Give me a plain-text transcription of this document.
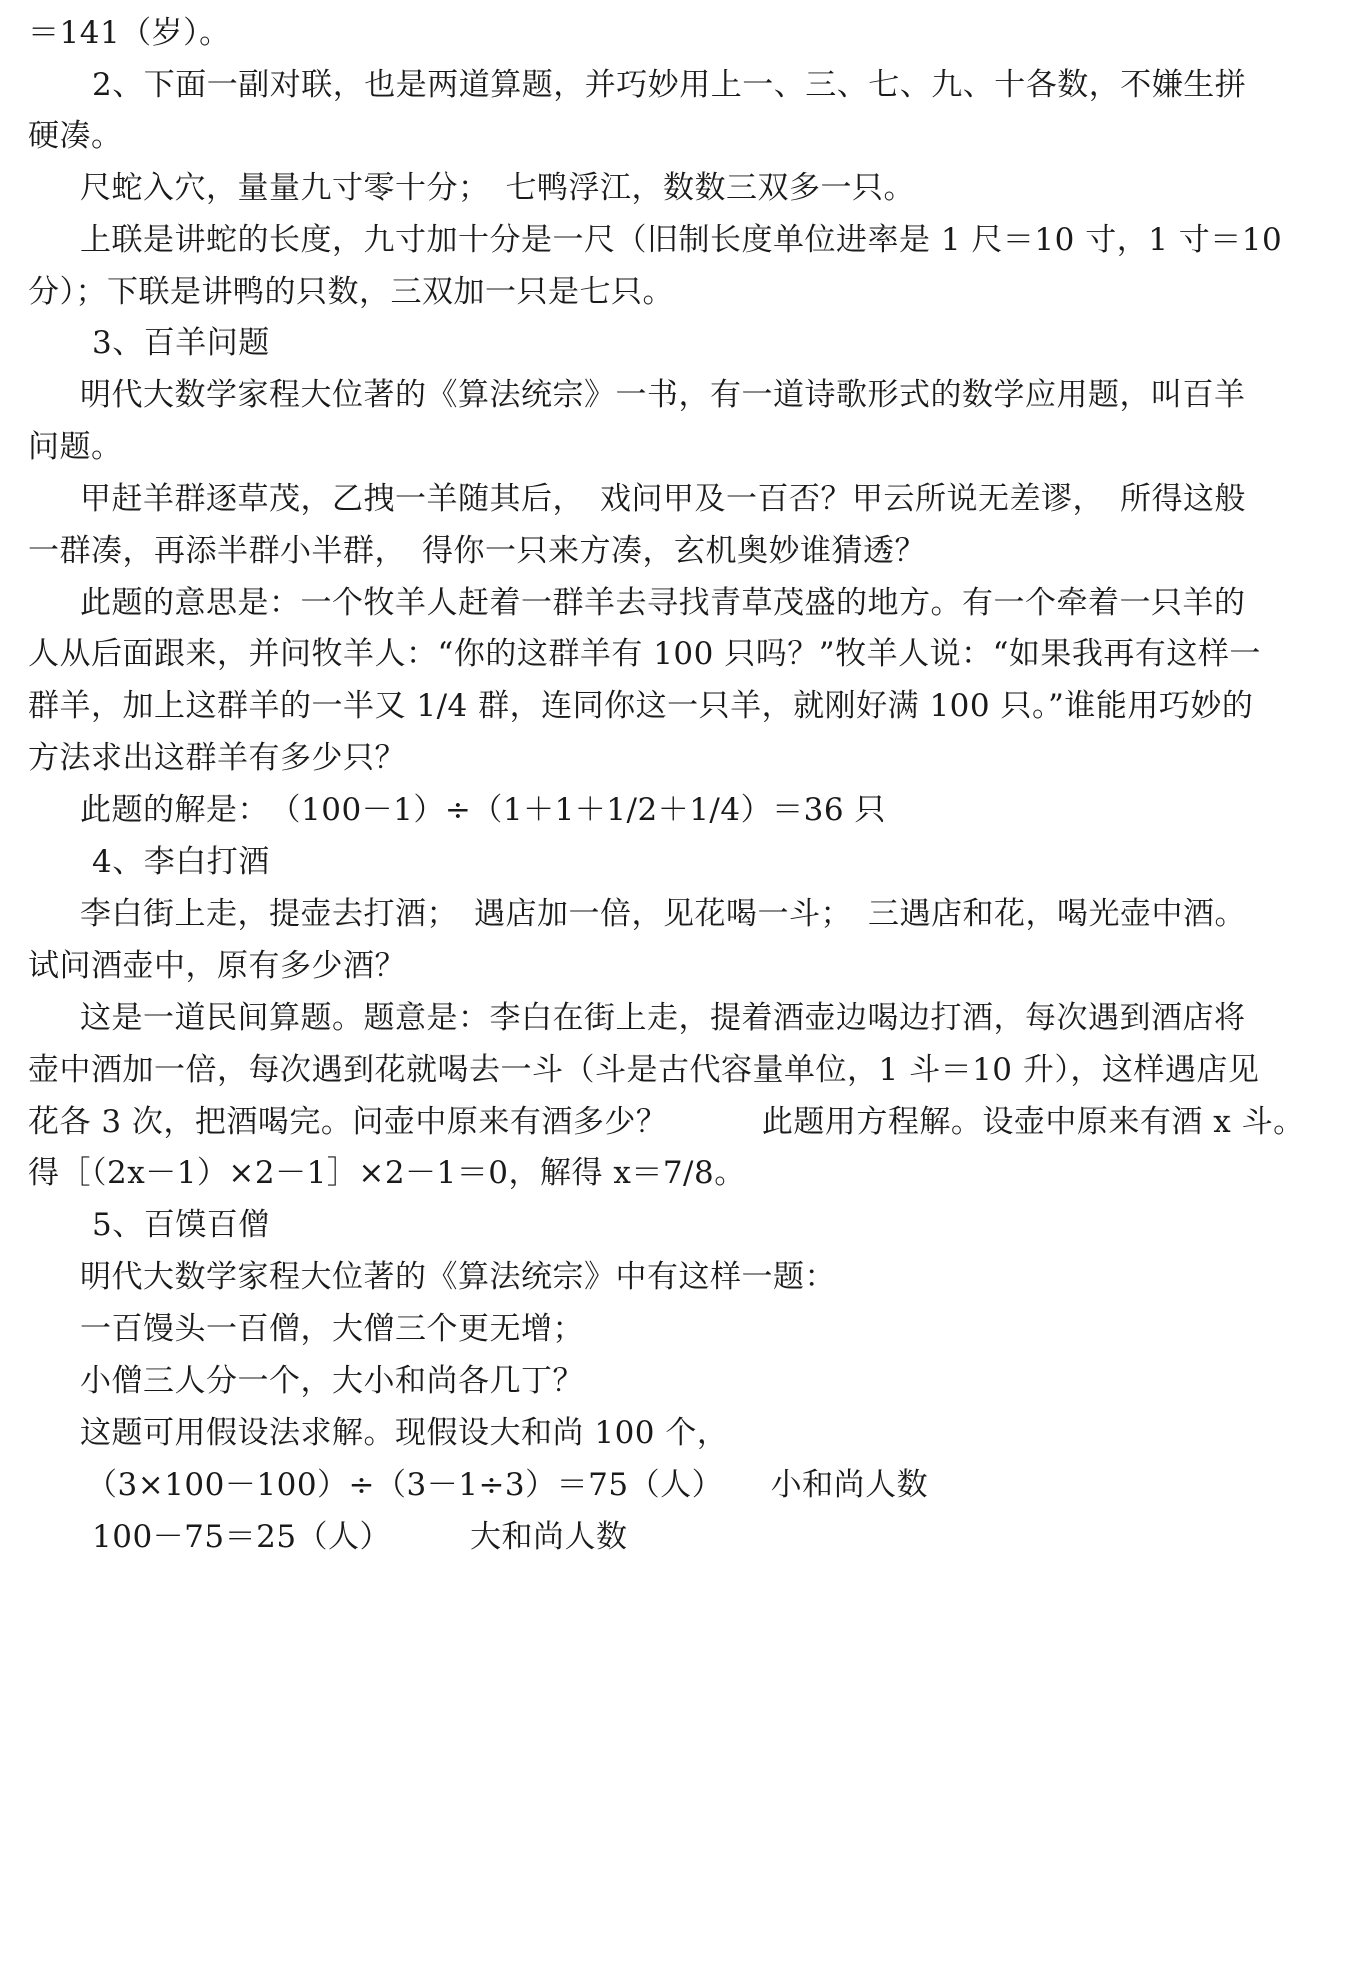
＝141（岁）。
2、下面一副对联，也是两道算题，并巧妙用上一、三、七、九、十各数，不嫌生拼
硬凑。
尺蛇入穴，量量九寸零十分；　七鸭浮江，数数三双多一只。
上联是讲蛇的长度，九寸加十分是一尺（旧制长度单位进率是 1 尺＝10 寸，1 寸＝10
分）；下联是讲鸭的只数，三双加一只是七只。
3、百羊问题
明代大数学家程大位著的《算法统宗》一书，有一道诗歌形式的数学应用题，叫百羊
问题。
甲赶羊群逐草茂，乙拽一羊随其后，　戏问甲及一百否？甲云所说无差谬，　所得这般
一群凑，再添半群小半群，　得你一只来方凑，玄机奥妙谁猜透？
此题的意思是：一个牧羊人赶着一群羊去寻找青草茂盛的地方。有一个牵着一只羊的
人从后面跟来，并问牧羊人：“你的这群羊有 100 只吗？”牧羊人说：“如果我再有这样一
群羊，加上这群羊的一半又 1/4 群，连同你这一只羊，就刚好满 100 只。”谁能用巧妙的
方法求出这群羊有多少只？
此题的解是：　（100－1）÷（1＋1＋1/2＋1/4）＝36 只
4、李白打酒
李白街上走，提壶去打酒；　遇店加一倍，见花喝一斗；　三遇店和花，喝光壶中酒。
试问酒壶中，原有多少酒？
这是一道民间算题。题意是：李白在街上走，提着酒壶边喝边打酒，每次遇到酒店将
壶中酒加一倍，每次遇到花就喝去一斗（斗是古代容量单位，1 斗＝10 升），这样遇店见
花各 3 次，把酒喝完。问壶中原来有酒多少？　　　此题用方程解。设壶中原来有酒 x 斗。
得［（2x－1）×2－1］×2－1＝0，解得 x＝7/8。
5、百馍百僧
明代大数学家程大位著的《算法统宗》中有这样一题：
一百馒头一百僧，大僧三个更无增；
小僧三人分一个，大小和尚各几丁？
这题可用假设法求解。现假设大和尚 100 个，
（3×100－100）÷（3－1÷3）＝75（人）　　小和尚人数
100－75＝25（人）　　　大和尚人数
